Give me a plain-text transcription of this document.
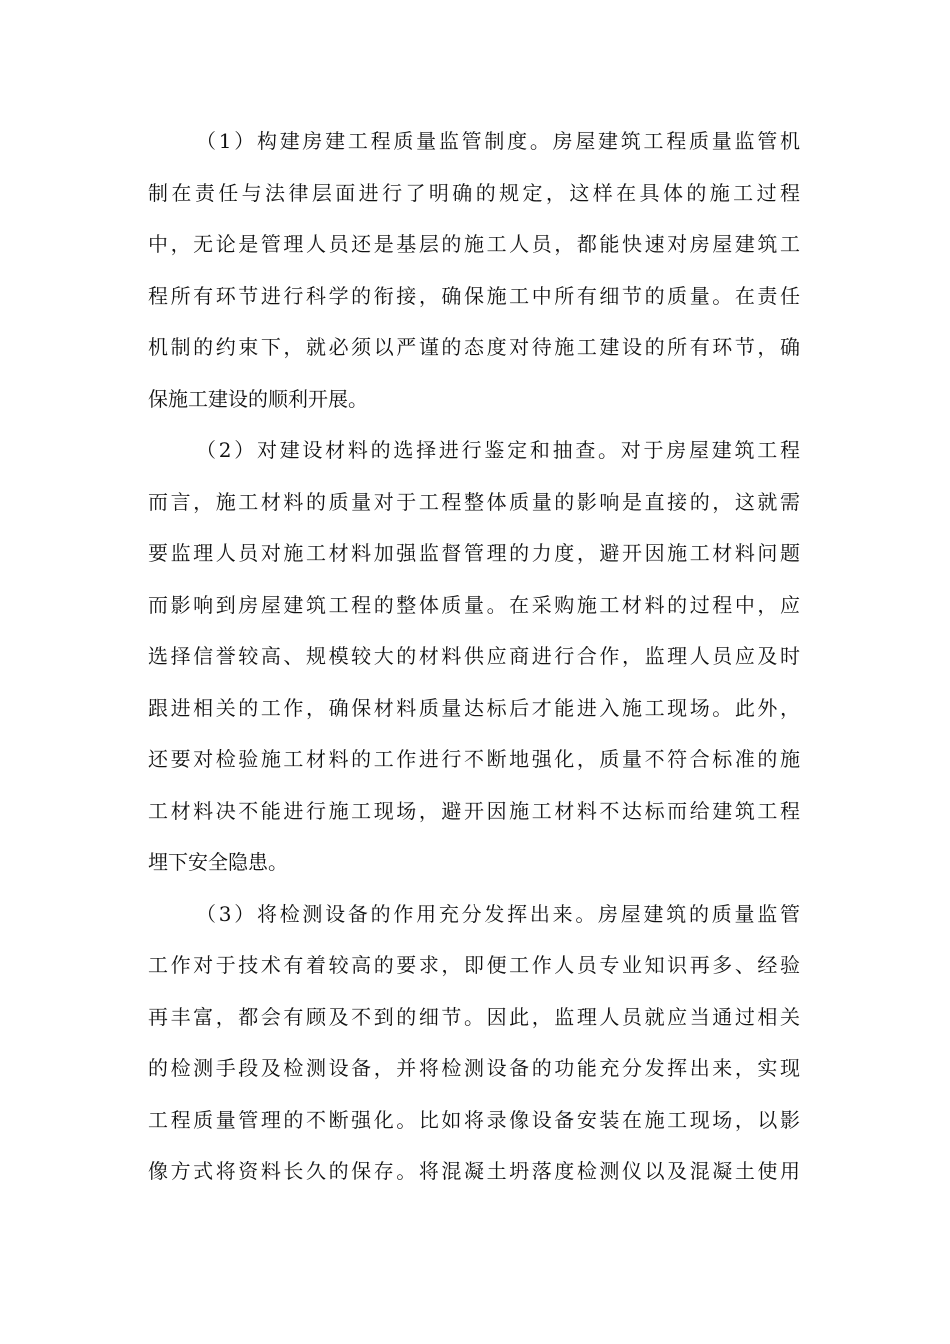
（1）构建房建工程质量监管制度。房屋建筑工程质量监管机
制在责任与法律层面进行了明确的规定，这样在具体的施工过程
中，无论是管理人员还是基层的施工人员，都能快速对房屋建筑工
程所有环节进行科学的衔接，确保施工中所有细节的质量。在责任
机制的约束下，就必须以严谨的态度对待施工建设的所有环节，确
保施工建设的顺利开展。
（2）对建设材料的选择进行鉴定和抽查。对于房屋建筑工程
而言，施工材料的质量对于工程整体质量的影响是直接的，这就需
要监理人员对施工材料加强监督管理的力度，避开因施工材料问题
而影响到房屋建筑工程的整体质量。在采购施工材料的过程中，应
选择信誉较高、规模较大的材料供应商进行合作，监理人员应及时
跟进相关的工作，确保材料质量达标后才能进入施工现场。此外，
还要对检验施工材料的工作进行不断地强化，质量不符合标准的施
工材料决不能进行施工现场，避开因施工材料不达标而给建筑工程
埋下安全隐患。
（3）将检测设备的作用充分发挥出来。房屋建筑的质量监管
工作对于技术有着较高的要求，即便工作人员专业知识再多、经验
再丰富，都会有顾及不到的细节。因此，监理人员就应当通过相关
的检测手段及检测设备，并将检测设备的功能充分发挥出来，实现
工程质量管理的不断强化。比如将录像设备安装在施工现场，以影
像方式将资料长久的保存。将混凝土坍落度检测仪以及混凝土使用
